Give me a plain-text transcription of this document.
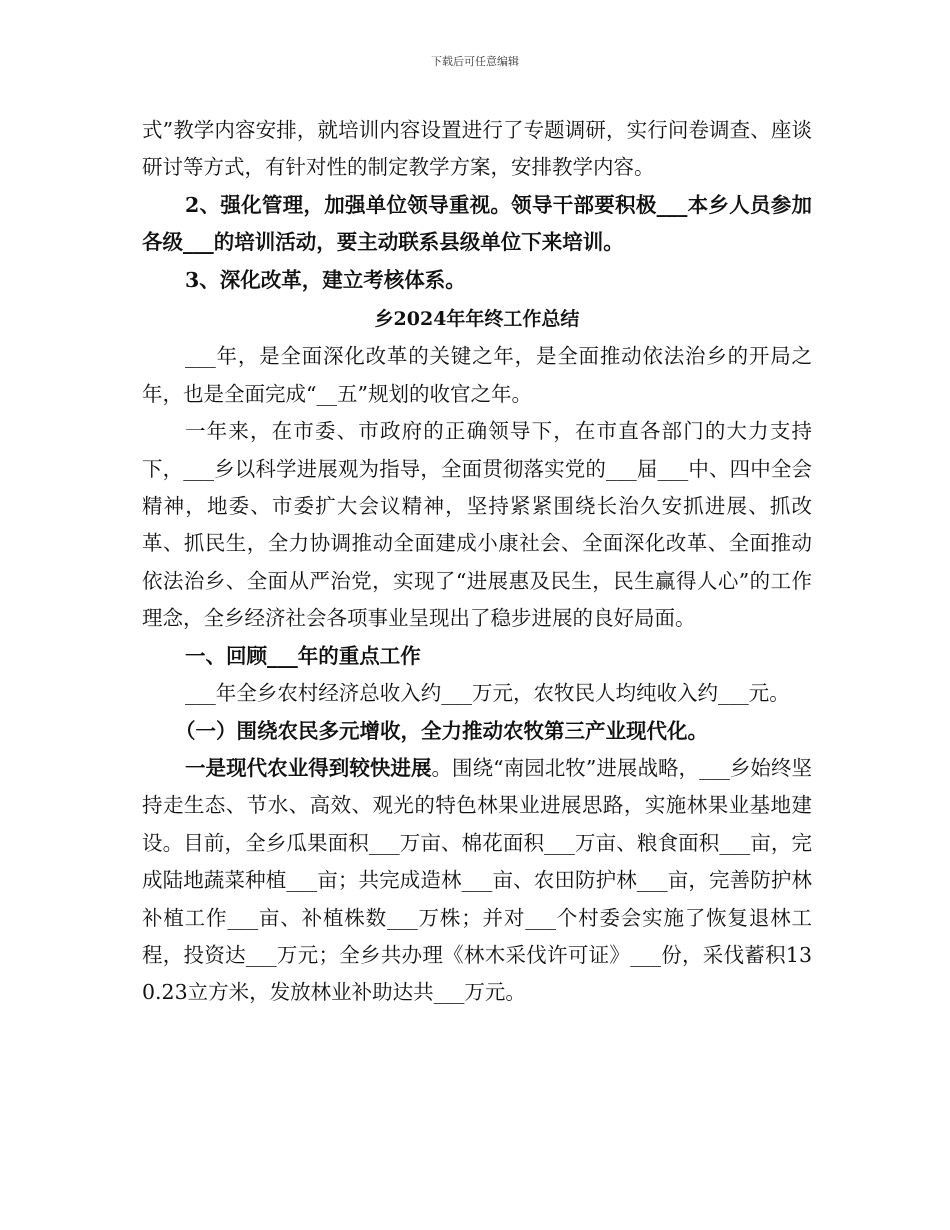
下载后可任意编辑

式”教学内容安排，就培训内容设置进行了专题调研，实行问卷调查、座谈研讨等方式，有针对性的制定教学方案，安排教学内容。

2、强化管理，加强单位领导重视。领导干部要积极___本乡人员参加各级___的培训活动，要主动联系县级单位下来培训。

3、深化改革，建立考核体系。

乡2024年年终工作总结

___年，是全面深化改革的关键之年，是全面推动依法治乡的开局之年，也是全面完成“__五”规划的收官之年。

一年来，在市委、市政府的正确领导下，在市直各部门的大力支持下，___乡以科学进展观为指导，全面贯彻落实党的___届___中、四中全会精神，地委、市委扩大会议精神，坚持紧紧围绕长治久安抓进展、抓改革、抓民生，全力协调推动全面建成小康社会、全面深化改革、全面推动依法治乡、全面从严治党，实现了“进展惠及民生，民生赢得人心”的工作理念，全乡经济社会各项事业呈现出了稳步进展的良好局面。

一、回顾___年的重点工作

___年全乡农村经济总收入约___万元，农牧民人均纯收入约___元。

（一）围绕农民多元增收，全力推动农牧第三产业现代化。

一是现代农业得到较快进展。围绕“南园北牧”进展战略，___乡始终坚持走生态、节水、高效、观光的特色林果业进展思路，实施林果业基地建设。目前，全乡瓜果面积___万亩、棉花面积___万亩、粮食面积___亩，完成陆地蔬菜种植___亩；共完成造林___亩、农田防护林___亩，完善防护林补植工作___亩、补植株数___万株；并对___个村委会实施了恢复退林工程，投资达___万元；全乡共办理《林木采伐许可证》___份，采伐蓄积130.23立方米，发放林业补助达共___万元。
